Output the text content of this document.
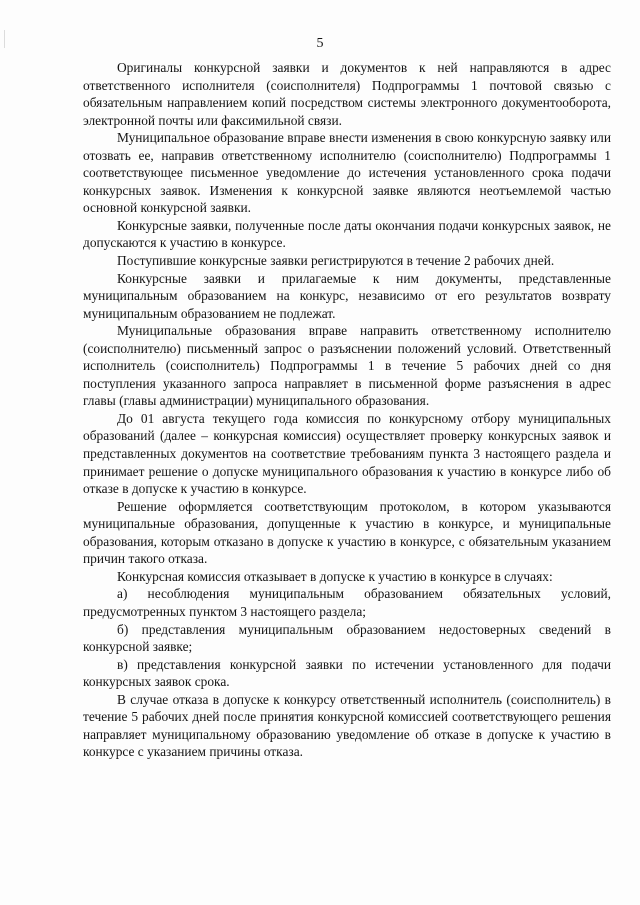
5

Оригиналы конкурсной заявки и документов к ней направляются в адрес ответственного исполнителя (соисполнителя) Подпрограммы 1 почтовой связью с обязательным направлением копий посредством системы электронного документооборота, электронной почты или факсимильной связи.

Муниципальное образование вправе внести изменения в свою конкурсную заявку или отозвать ее, направив ответственному исполнителю (соисполнителю) Подпрограммы 1 соответствующее письменное уведомление до истечения установленного срока подачи конкурсных заявок. Изменения к конкурсной заявке являются неотъемлемой частью основной конкурсной заявки.

Конкурсные заявки, полученные после даты окончания подачи конкурсных заявок, не допускаются к участию в конкурсе.

Поступившие конкурсные заявки регистрируются в течение 2 рабочих дней.

Конкурсные заявки и прилагаемые к ним документы, представленные муниципальным образованием на конкурс, независимо от его результатов возврату муниципальным образованием не подлежат.

Муниципальные образования вправе направить ответственному исполнителю (соисполнителю) письменный запрос о разъяснении положений условий. Ответственный исполнитель (соисполнитель) Подпрограммы 1 в течение 5 рабочих дней со дня поступления указанного запроса направляет в письменной форме разъяснения в адрес главы (главы администрации) муниципального образования.

До 01 августа текущего года комиссия по конкурсному отбору муниципальных образований (далее – конкурсная комиссия) осуществляет проверку конкурсных заявок и представленных документов на соответствие требованиям пункта 3 настоящего раздела и принимает решение о допуске муниципального образования к участию в конкурсе либо об отказе в допуске к участию в конкурсе.

Решение оформляется соответствующим протоколом, в котором указываются муниципальные образования, допущенные к участию в конкурсе, и муниципальные образования, которым отказано в допуске к участию в конкурсе, с обязательным указанием причин такого отказа.

Конкурсная комиссия отказывает в допуске к участию в конкурсе в случаях:

а) несоблюдения муниципальным образованием обязательных условий, предусмотренных пунктом 3 настоящего раздела;

б) представления муниципальным образованием недостоверных сведений в конкурсной заявке;

в) представления конкурсной заявки по истечении установленного для подачи конкурсных заявок срока.

В случае отказа в допуске к конкурсу ответственный исполнитель (соисполнитель) в течение 5 рабочих дней после принятия конкурсной комиссией соответствующего решения направляет муниципальному образованию уведомление об отказе в допуске к участию в конкурсе с указанием причины отказа.
